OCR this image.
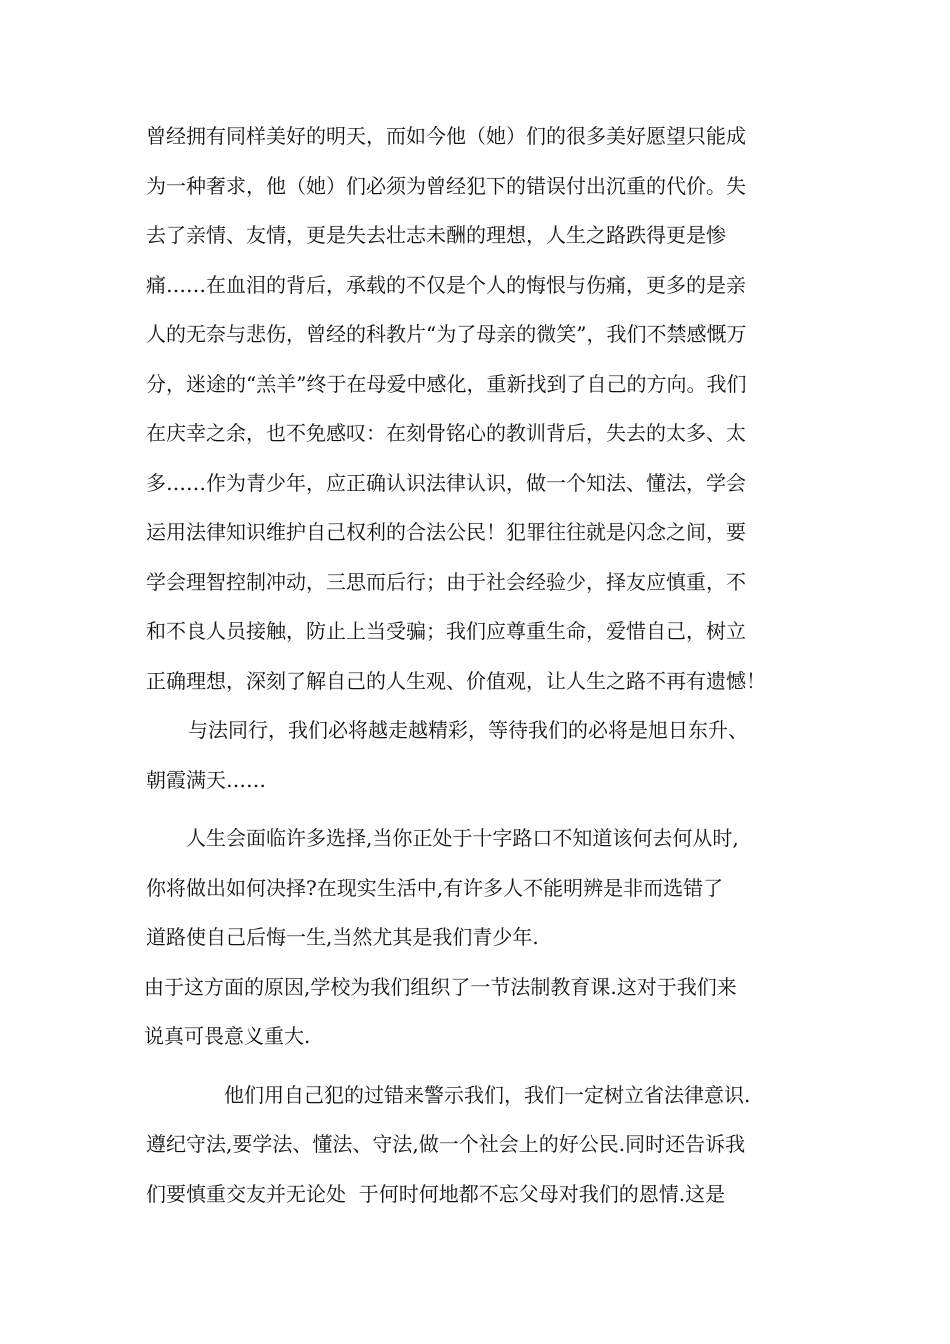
曾经拥有同样美好的明天，而如今他（她）们的很多美好愿望只能成
为一种奢求，他（她）们必须为曾经犯下的错误付出沉重的代价。失
去了亲情、友情，更是失去壮志未酬的理想，人生之路跌得更是惨
痛……在血泪的背后，承载的不仅是个人的悔恨与伤痛，更多的是亲
人的无奈与悲伤，曾经的科教片“为了母亲的微笑”，我们不禁感慨万
分，迷途的“羔羊”终于在母爱中感化，重新找到了自己的方向。我们
在庆幸之余，也不免感叹：在刻骨铭心的教训背后，失去的太多、太
多……作为青少年，应正确认识法律认识，做一个知法、懂法，学会
运用法律知识维护自己权利的合法公民！犯罪往往就是闪念之间，要
学会理智控制冲动，三思而后行；由于社会经验少，择友应慎重，不
和不良人员接触，防止上当受骗；我们应尊重生命，爱惜自己，树立
正确理想，深刻了解自己的人生观、价值观，让人生之路不再有遗憾！
与法同行，我们必将越走越精彩，等待我们的必将是旭日东升、
朝霞满天……
人生会面临许多选择,当你正处于十字路口不知道该何去何从时,
你将做出如何决择?在现实生活中,有许多人不能明辨是非而选错了
道路使自己后悔一生,当然尤其是我们青少年.
由于这方面的原因,学校为我们组织了一节法制教育课.这对于我们来
说真可畏意义重大.
他们用自己犯的过错来警示我们，我们一定树立省法律意识.
遵纪守法,要学法、懂法、守法,做一个社会上的好公民.同时还告诉我
们要慎重交友并无论处  于何时何地都不忘父母对我们的恩情.这是
